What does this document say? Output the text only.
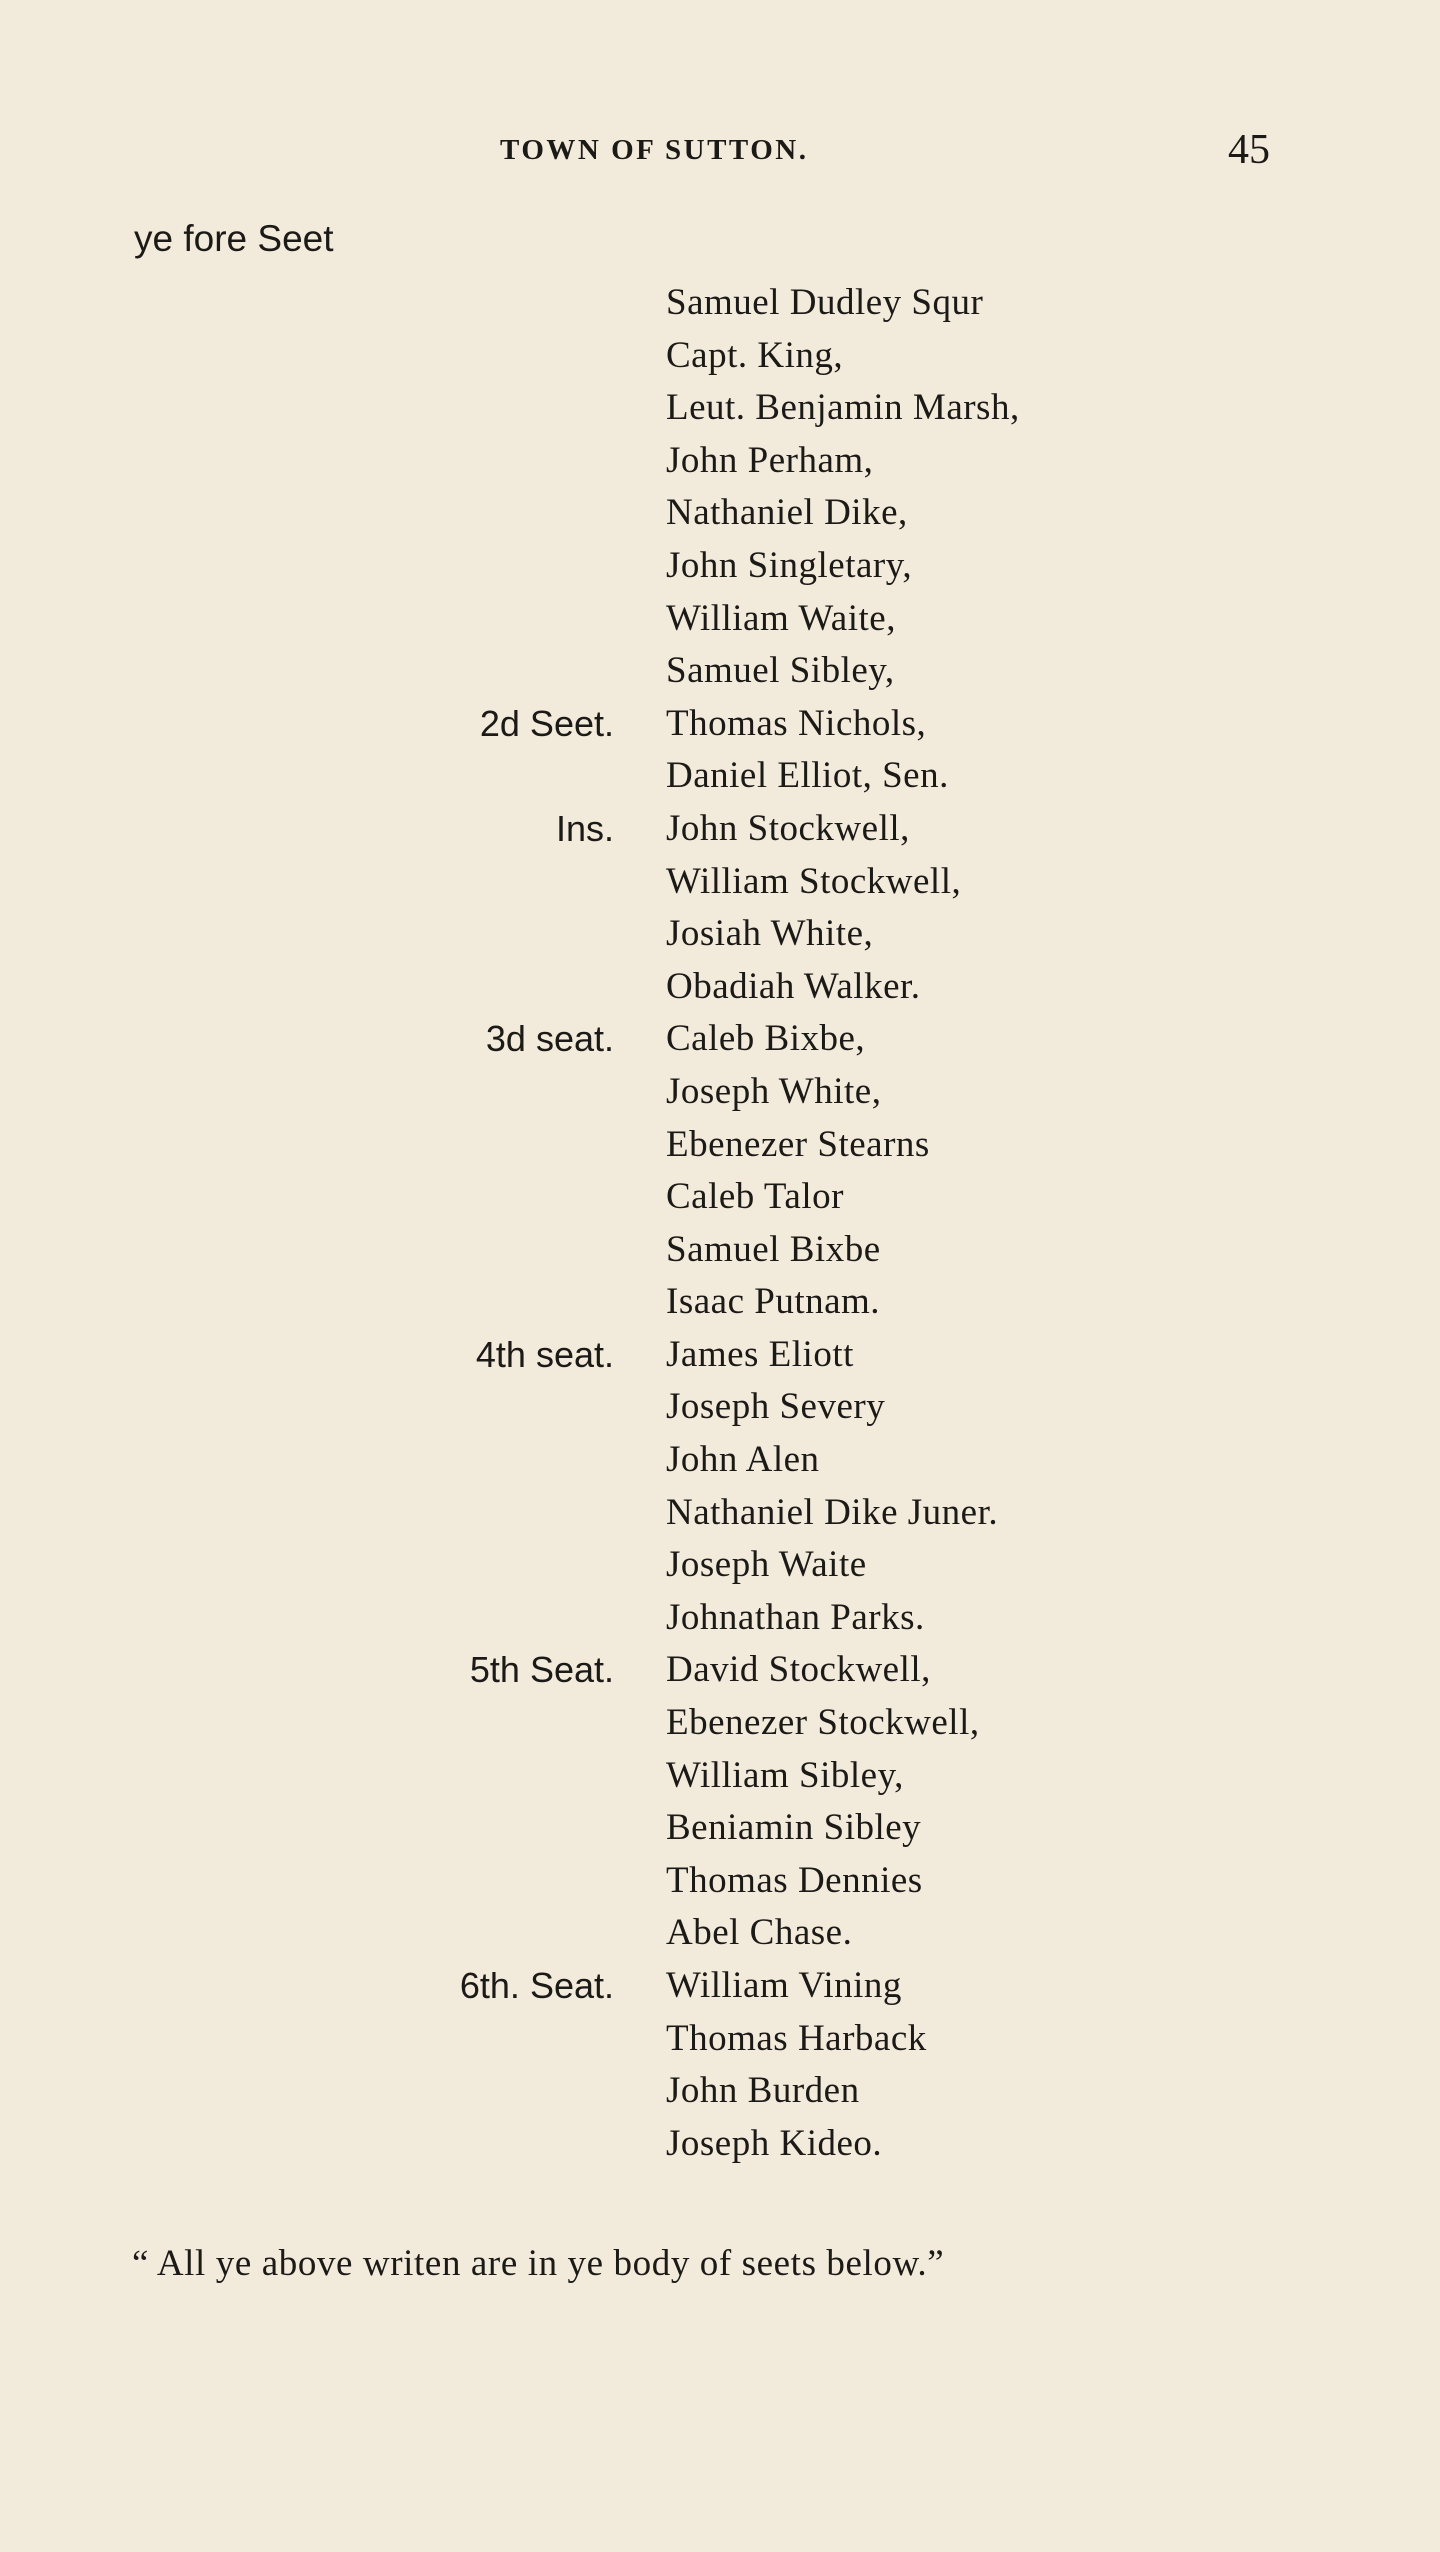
TOWN OF SUTTON.	45
ye fore Seet
Samuel Dudley Squr
Capt. King,
Leut. Benjamin Marsh,
John Perham,
Nathaniel Dike,
John Singletary,
William Waite,
Samuel Sibley,
2d Seet. Thomas Nichols,
Daniel Elliot, Sen.
Ins. John Stockwell,
William Stockwell,
Josiah White,
Obadiah Walker.
3d seat. Caleb Bixbe,
Joseph White,
Ebenezer Stearns
Caleb Talor
Samuel Bixbe
Isaac Putnam.
4th seat. James Eliott
Joseph Severy
John Alen
Nathaniel Dike Juner.
Joseph Waite
Johnathan Parks.
5th Seat. David Stockwell,
Ebenezer Stockwell,
William Sibley,
Beniamin Sibley
Thomas Dennies
Abel Chase.
6th. Seat. William Vining
Thomas Harback
John Burden
Joseph Kideo.

“ All ye above writen are in ye body of seets below.”
